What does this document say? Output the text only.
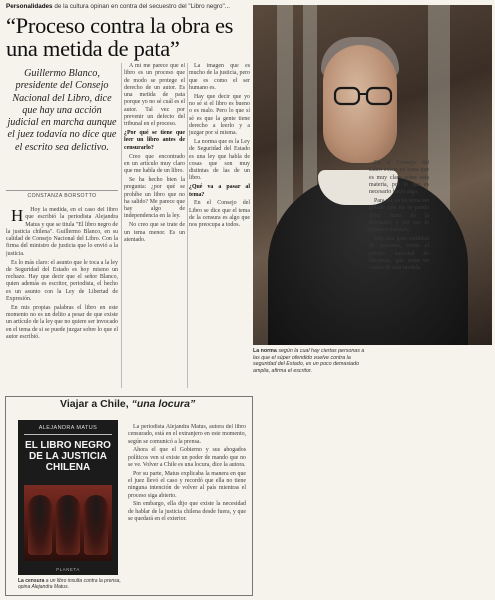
Personalidades de la cultura opinan en contra del secuestro del "Libro negro"...
“Proceso contra la obra es una metida de pata”
Guillermo Blanco, presidente del Consejo Nacional del Libro, dice que hay una acción judicial en marcha aunque el juez todavía no dice que el escrito sea delictivo.
CONSTANZA BORSOTTO

H Hoy la medida, en el caso del libro que escribió la periodista Alejandra Matus y que se titula "El libro negro de la justicia chilena". Guillermo Blanco, en su calidad de Consejo Nacional del Libro. Con la firma del ministro de justicia que lo envió a la justicia.

Es lo más claro: el asunto que le toca a la ley de Seguridad del Estado es hoy mismo un rechazo. Hay que decir que el señor Blanco, quien además es escritor, periodista, el hecho es un asunto con la Ley de Libertad de Expresión.

En mis propias palabras el libro en este momento no es un delito a pesar de que existe un artículo de la ley que no quiere ser invocado en el tema de si se puede juzgar sobre lo que el autor escribió.

A mí me parece que el libro es un proceso que de modo se protege el derecho de un autor. Es una metida de pata porque yo no sé cuál es el autor. Tal vez por prevenir un defecto del tribunal en el proceso.

¿Por qué se tiene que leer un libro antes de censurarlo?

Creo que encontrado en un artículo muy claro que me habla de un libro.

Se ha hecho bien la pregunta: ¿por qué se prohíbe un libro que no ha salido? Me parece que hay algo de independencia en la ley.

No creo que se trate de un tema menor. Es un atentado.

La imagen que es mucho de la justicia, pero que es como el ser humano es.

Hay que decir que yo no sé si el libro es bueno o es malo. Pero lo que sí sé es que la gente tiene derecho a leerlo y a juzgar por sí misma.

La norma que es la Ley de Seguridad del Estado es una ley que habla de cosas que son muy distintas de las de un libro.

¿Qué va a pasar al tema?

En el Consejo del Libro se dice que el tema de la censura es algo que nos preocupa a todos.

La norma según la cual hay ciertas personas a las que el súper ofendido vuelve contra la seguridad del Estado, es un poco demasiado amplia, afirma el escritor.

En el Consejo del Libro existe un tema que es muy claro sobre esta materia, por lo que es necesario hacer algo.

Para mí, es un tema tan grande que no se puede dejar fuera de la discusión, y por eso lo estamos tratando.

Hay una gran cantidad de personas, como el premio nacional de literatura, que están en contra de esta medida.

Viajar a Chile, “una locura”
ALEJANDRA MATUS
EL LIBRO NEGRO DE LA JUSTICIA CHILENA
PLANETA
La censura a un libro insulta contra la prensa, opina Alejandra Matus.

La periodista Alejandra Matus, autora del libro censurado, está en el extranjero en este momento, según se comunicó a la prensa.

Ahora el que el Gobierno y sus abogados políticos ven si existe un poder de mando que no se ve. Volver a Chile es una locura, dice la autora.

Por su parte, Matus explicaba la manera en que el juez llevó el caso y recordó que ella no tiene ninguna intención de volver al país mientras el proceso siga abierto.

Sin embargo, ella dijo que existe la necesidad de hablar de la justicia chilena desde fuera, y que se quedará en el exterior.
